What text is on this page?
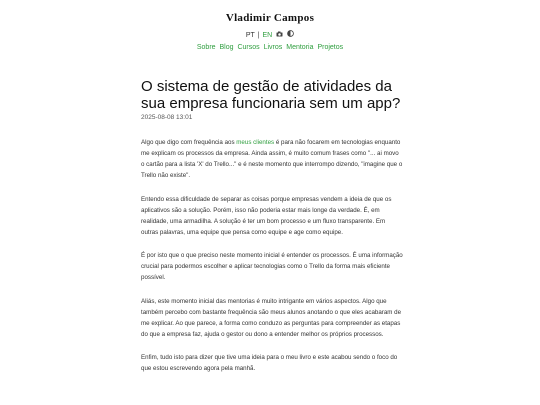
Vladimir Campos
PT | EN
Sobre Blog Cursos Livros Mentoria Projetos
O sistema de gestão de atividades da sua empresa funcionaria sem um app?
2025-08-08 13:01

Algo que digo com frequência aos meus clientes é para não focarem em tecnologias enquanto me explicam os processos da empresa. Ainda assim, é muito comum frases como "... ai movo o cartão para a lista 'X' do Trello..." e é neste momento que interrompo dizendo, "imagine que o Trello não existe".

Entendo essa dificuldade de separar as coisas porque empresas vendem a ideia de que os aplicativos são a solução. Porém, isso não poderia estar mais longe da verdade. É, em realidade, uma armadilha. A solução é ter um bom processo e um fluxo transparente. Em outras palavras, uma equipe que pensa como equipe e age como equipe.

É por isto que o que preciso neste momento inicial é entender os processos. É uma informação crucial para podermos escolher e aplicar tecnologias como o Trello da forma mais eficiente possível.

Aliás, este momento inicial das mentorias é muito intrigante em vários aspectos. Algo que também percebo com bastante frequência são meus alunos anotando o que eles acabaram de me explicar. Ao que parece, a forma como conduzo as perguntas para compreender as etapas do que a empresa faz, ajuda o gestor ou dono a entender melhor os próprios processos.

Enfim, tudo isto para dizer que tive uma ideia para o meu livro e este acabou sendo o foco do que estou escrevendo agora pela manhã.
